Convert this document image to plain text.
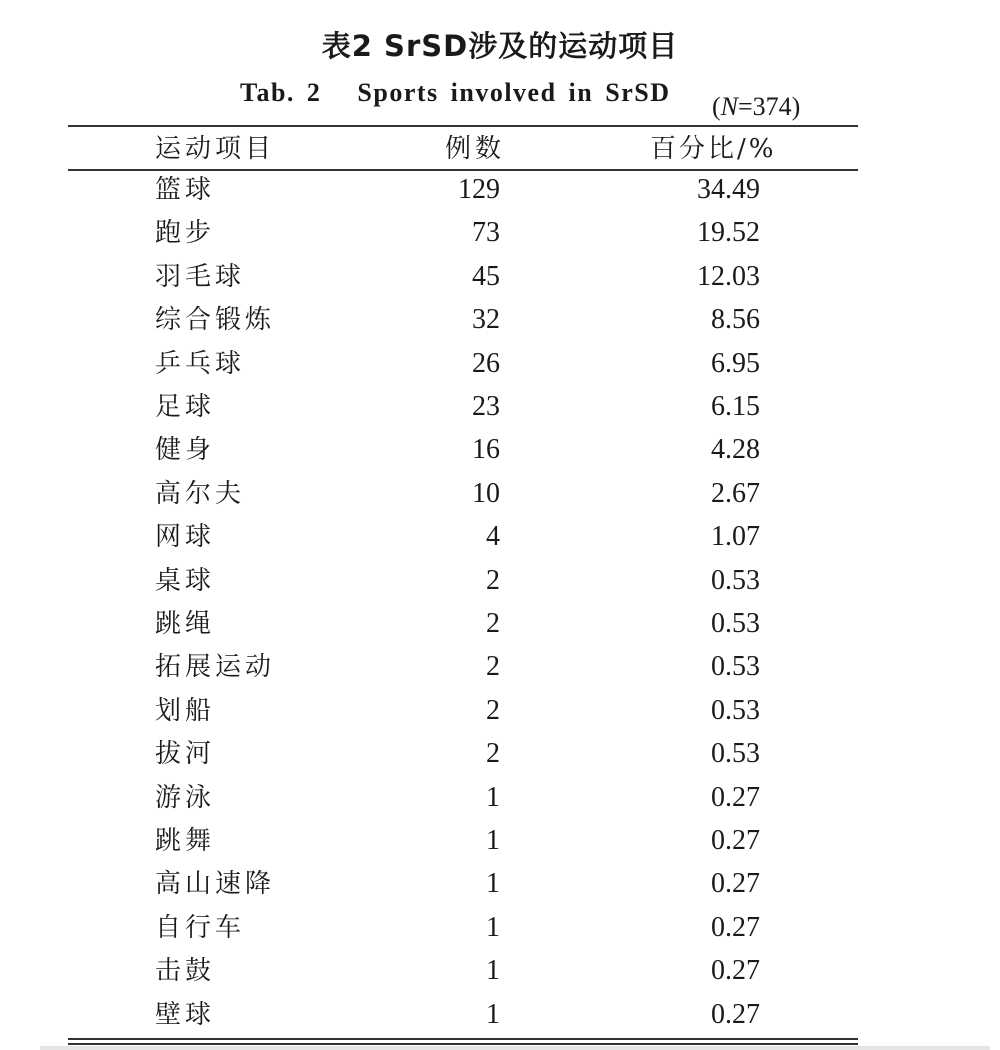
表2 SrSD涉及的运动项目
Tab. 2   Sports involved in SrSD (N=374)
运动项目	例数	百分比/%
篮球	129	34.49
跑步	73	19.52
羽毛球	45	12.03
综合锻炼	32	8.56
乒乓球	26	6.95
足球	23	6.15
健身	16	4.28
高尔夫	10	2.67
网球	4	1.07
桌球	2	0.53
跳绳	2	0.53
拓展运动	2	0.53
划船	2	0.53
拔河	2	0.53
游泳	1	0.27
跳舞	1	0.27
高山速降	1	0.27
自行车	1	0.27
击鼓	1	0.27
壁球	1	0.27
